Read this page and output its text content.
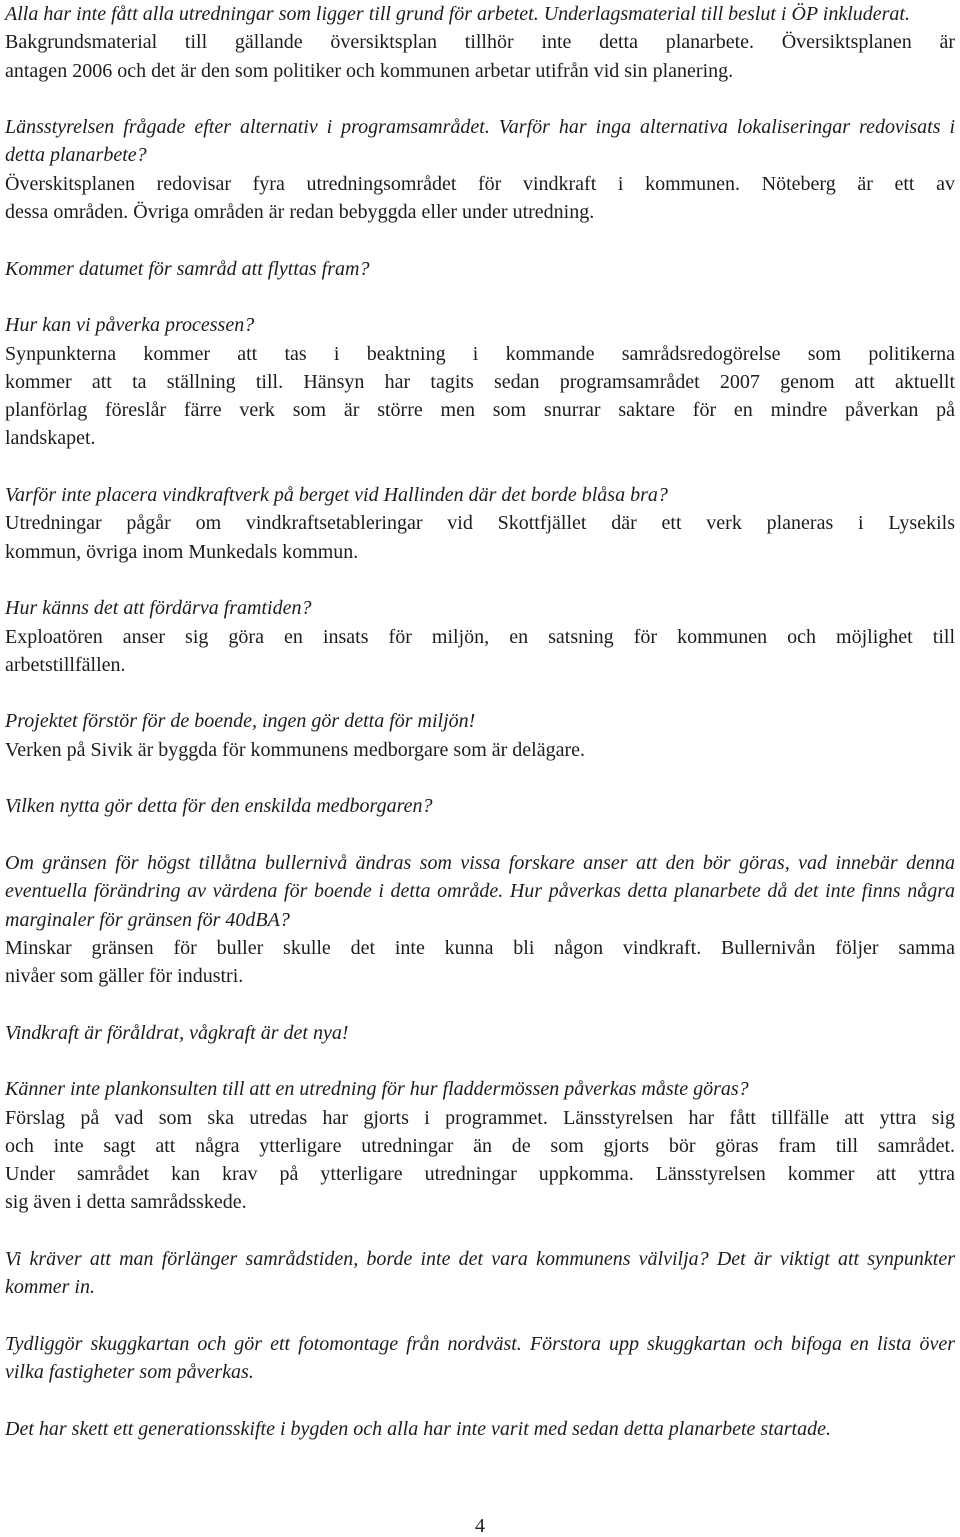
Alla har inte fått alla utredningar som ligger till grund för arbetet. Underlagsmaterial till beslut i ÖP inkluderat.
Bakgrundsmaterial till gällande översiktsplan tillhör inte detta planarbete. Översiktsplanen är
antagen 2006 och det är den som politiker och kommunen arbetar utifrån vid sin planering.
Länsstyrelsen frågade efter alternativ i programsamrådet. Varför har inga alternativa lokaliseringar redovisats i
detta planarbete?
Överskitsplanen redovisar fyra utredningsområdet för vindkraft i kommunen. Nöteberg är ett av
dessa områden. Övriga områden är redan bebyggda eller under utredning.
Kommer datumet för samråd att flyttas fram?
Hur kan vi påverka processen?
Synpunkterna kommer att tas i beaktning i kommande samrådsredogörelse som politikerna
kommer att ta ställning till. Hänsyn har tagits sedan programsamrådet 2007 genom att aktuellt
planförlag föreslår färre verk som är större men som snurrar saktare för en mindre påverkan på
landskapet.
Varför inte placera vindkraftverk på berget vid Hallinden där det borde blåsa bra?
Utredningar pågår om vindkraftsetableringar vid Skottfjället där ett verk planeras i Lysekils
kommun, övriga inom Munkedals kommun.
Hur känns det att fördärva framtiden?
Exploatören anser sig göra en insats för miljön, en satsning för kommunen och möjlighet till
arbetstillfällen.
Projektet förstör för de boende, ingen gör detta för miljön!
Verken på Sivik är byggda för kommunens medborgare som är delägare.
Vilken nytta gör detta för den enskilda medborgaren?
Om gränsen för högst tillåtna bullernivå ändras som vissa forskare anser att den bör göras, vad innebär denna
eventuella förändring av värdena för boende i detta område. Hur påverkas detta planarbete då det inte finns några
marginaler för gränsen för 40dBA?
Minskar gränsen för buller skulle det inte kunna bli någon vindkraft. Bullernivån följer samma
nivåer som gäller för industri.
Vindkraft är föråldrat, vågkraft är det nya!
Känner inte plankonsulten till att en utredning för hur fladdermössen påverkas måste göras?
Förslag på vad som ska utredas har gjorts i programmet. Länsstyrelsen har fått tillfälle att yttra sig
och inte sagt att några ytterligare utredningar än de som gjorts bör göras fram till samrådet.
Under samrådet kan krav på ytterligare utredningar uppkomma. Länsstyrelsen kommer att yttra
sig även i detta samrådsskede.
Vi kräver att man förlänger samrådstiden, borde inte det vara kommunens välvilja? Det är viktigt att synpunkter
kommer in.
Tydliggör skuggkartan och gör ett fotomontage från nordväst. Förstora upp skuggkartan och bifoga en lista över
vilka fastigheter som påverkas.
Det har skett ett generationsskifte i bygden och alla har inte varit med sedan detta planarbete startade.
4
